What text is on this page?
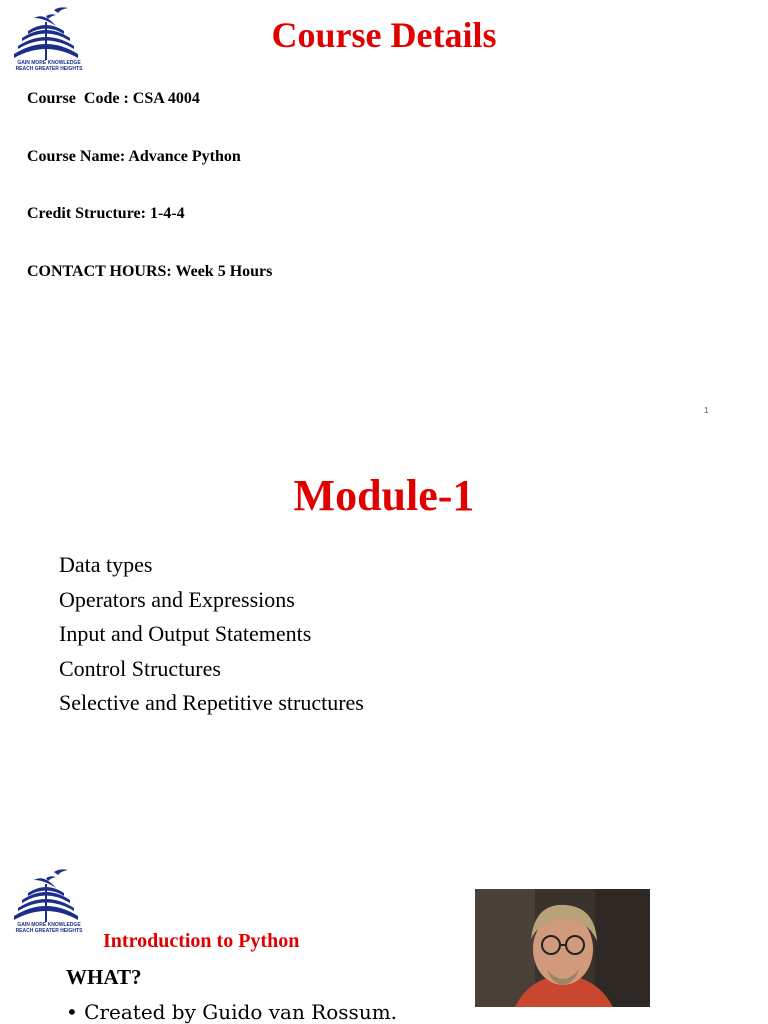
GAIN MORE KNOWLEDGE
REACH GREATER HEIGHTS
Course Details

Course  Code : CSA 4004

Course Name: Advance Python

Credit Structure: 1-4-4

CONTACT HOURS: Week 5 Hours

1
Module-1
Data types
Operators and Expressions
Input and Output Statements
Control Structures
Selective and Repetitive structures
GAIN MORE KNOWLEDGE
REACH GREATER HEIGHTS	Introduction to Python

WHAT?

• Created by Guido van Rossum.
